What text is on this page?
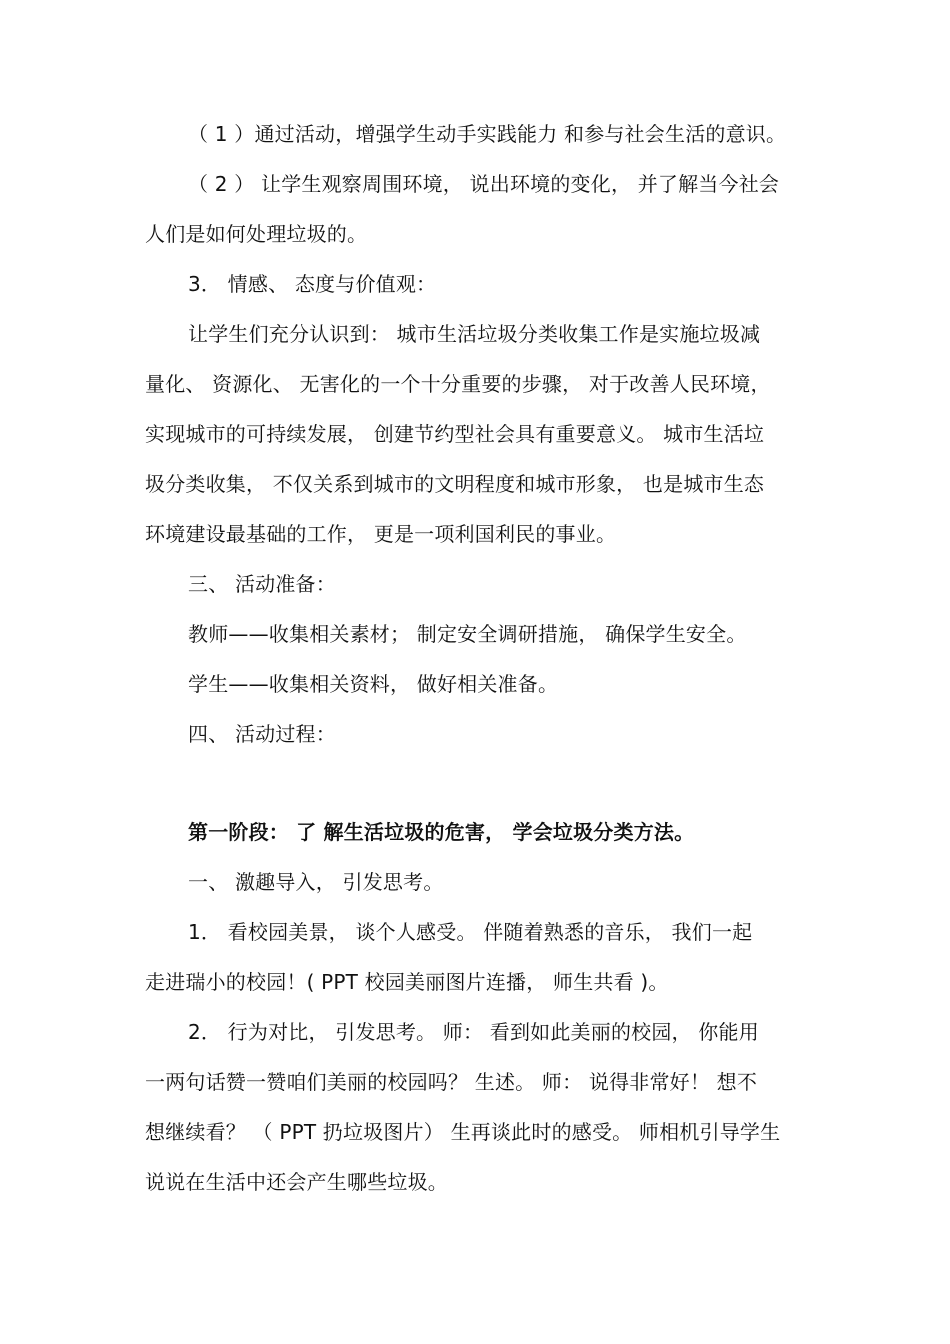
（ 1 ）通过活动，增强学生动手实践能力 和参与社会生活的意识。
（ 2 ） 让学生观察周围环境， 说出环境的变化， 并了解当今社会
人们是如何处理垃圾的。
3． 情感、 态度与价值观：
让学生们充分认识到： 城市生活垃圾分类收集工作是实施垃圾减
量化、 资源化、 无害化的一个十分重要的步骤， 对于改善人民环境，
实现城市的可持续发展， 创建节约型社会具有重要意义。 城市生活垃
圾分类收集， 不仅关系到城市的文明程度和城市形象， 也是城市生态
环境建设最基础的工作， 更是一项利国利民的事业。
三、 活动准备：
教师——收集相关素材； 制定安全调研措施， 确保学生安全。
学生——收集相关资料， 做好相关准备。
四、 活动过程：
第一阶段： 了 解生活垃圾的危害， 学会垃圾分类方法。
一、 激趣导入， 引发思考。
1． 看校园美景， 谈个人感受。 伴随着熟悉的音乐， 我们一起
走进瑞小的校园！( PPT 校园美丽图片连播， 师生共看 )。
2． 行为对比， 引发思考。 师： 看到如此美丽的校园， 你能用
一两句话赞一赞咱们美丽的校园吗？ 生述。 师： 说得非常好！ 想不
想继续看？ （ PPT 扔垃圾图片） 生再谈此时的感受。 师相机引导学生
说说在生活中还会产生哪些垃圾。
